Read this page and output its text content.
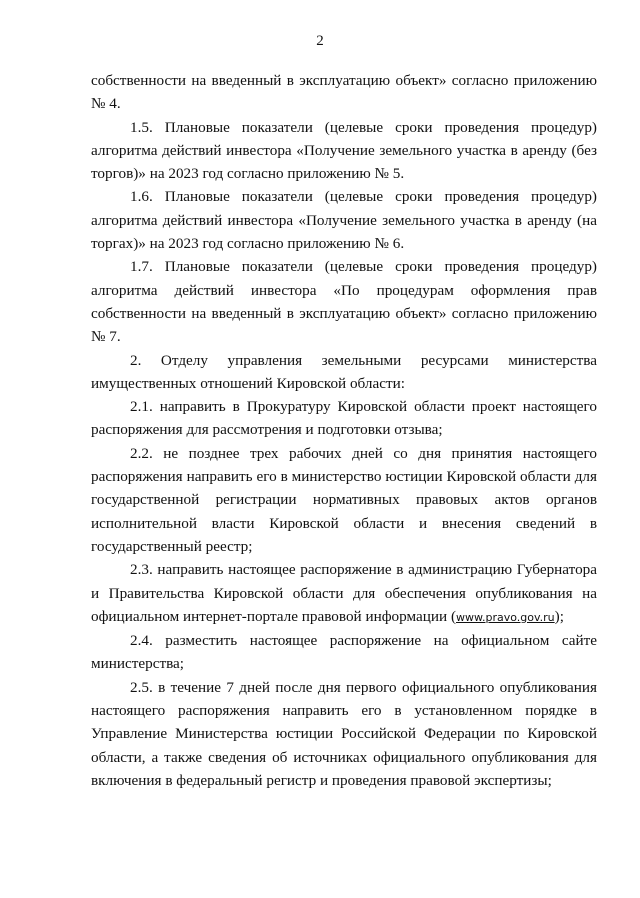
2

собственности на введенный в эксплуатацию объект» согласно приложению № 4.

1.5. Плановые показатели (целевые сроки проведения процедур) алгоритма действий инвестора «Получение земельного участка в аренду (без торгов)» на 2023 год согласно приложению № 5.

1.6. Плановые показатели (целевые сроки проведения процедур) алгоритма действий инвестора «Получение земельного участка в аренду (на торгах)» на 2023 год согласно приложению № 6.

1.7. Плановые показатели (целевые сроки проведения процедур) алгоритма действий инвестора «По процедурам оформления прав собственности на введенный в эксплуатацию объект» согласно приложению № 7.

2. Отделу управления земельными ресурсами министерства имущественных отношений Кировской области:

2.1. направить в Прокуратуру Кировской области проект настоящего распоряжения для рассмотрения и подготовки отзыва;

2.2. не позднее трех рабочих дней со дня принятия настоящего распоряжения направить его в министерство юстиции Кировской области для государственной регистрации нормативных правовых актов органов исполнительной власти Кировской области и внесения сведений в государственный реестр;

2.3. направить настоящее распоряжение в администрацию Губернатора и Правительства Кировской области для обеспечения опубликования на официальном интернет-портале правовой информации (www.pravo.gov.ru);

2.4. разместить настоящее распоряжение на официальном сайте министерства;

2.5. в течение 7 дней после дня первого официального опубликования настоящего распоряжения направить его в установленном порядке в Управление Министерства юстиции Российской Федерации по Кировской области, а также сведения об источниках официального опубликования для включения в федеральный регистр и проведения правовой экспертизы;
